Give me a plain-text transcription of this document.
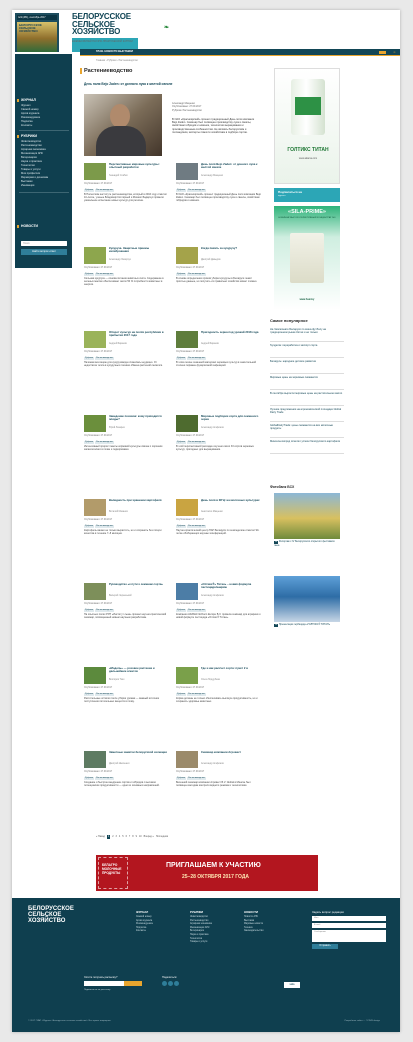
№9 (281), сентябрь 2017
БЕЛОРУССКОЕ СЕЛЬСКОЕ ХОЗЯЙСТВО
БЕЛОРУССКОЕ
СЕЛЬСКОЕ
ХОЗЯЙСТВО	❧
ЕЖЕМЕСЯЧНЫЙ НАУЧНО-ПРАКТИЧЕСКИЙ ЖУРНАЛ
ГЛАВ. НОВОСТИ ВЫСТАВКИ	☺
ЖУРНАЛ
Журнал
Свежий номер
Архив журнала
Рекомендуемое
Подписка
Контакты
РУБРИКИ
Животноводство
Растениеводство
Аграрная экономика
Механизация АПК
Ветеринария
Наука и практика
Технологии
Товары и услуги
Моя профессия
Фермерам и дачникам
Выставки
Инновации
НОВОСТИ
Поиск
Найти вопрос-ответ
Главная › Рубрики › Растениеводство
Растениеводство
День поля Bejo Zaden: от донного лука к желтой свекле
Александр Мащенко
Опубликовано: 27.09.2017
Рубрика: Растениеводство
В ОАО «Красноярский» прошел традиционный День поля компании Bejo Zaden. Семинар был посвящен производству лука и свеклы, свойствам гибридов и новинок, технологии выращивания и производственным особенностям. Не являясь белорусским и голландским, эксперты помогли хозяйствам в подборе сортов.
Перспективные мировые культуры: опытный разработки
Геннадий Слабко
Опубликовано: 27.09.2017
Рубрика Растениеводство
В Полесском институте растениеводства, который в 2016 году отметил 10-летие, ученые Владимир Котлярный и Михаил Бадарчук провели уникальное испытание новых культур для региона.
День поля Bejo Zaden: от донного лука к желтой свекле
Александр Мащенко
Опубликовано: 27.09.2017
Рубрика Растениеводство
В ОАО «Красноярский» прошел традиционный День поля компании Bejo Zaden. Семинар был посвящен производству лука и свеклы, свойствам гибридов и новинок.
Кукуруза. Защитные приемы калибрования
Александр Лазарчук
Опубликовано: 27.09.2017
Рубрика Растениеводство
Сильная кукуруза — основа питания животных скота. Содержание в зеленых массах обеспечивает около 50 % потребности животных в энергии.
Когда пахать за кукурузу?
Дмитрий Давыдов
Опубликовано: 27.09.2017
Рубрика Растениеводство
В основе определения сроков уборки кукурузы в Беларуси лежит простые данные, но получить их правильно хозяйство может сложно.
Оборот культур на полях республики в прибытия 2017 года
Андрей Баранов
Опубликовано: 27.09.2017
Рубрика Растениеводство
Начиная вегетацию для кукурузовода сложилась неудачно. От недостатка тепла в кукурузных посевах обмена растений снизился.
Пригодность зерна под урожай 2018 года
Андрей Баранов
Опубликовано: 27.09.2017
Рубрика Растениеводство
В этом сезоне семенной материал зерновых культур в значительной степени поражен фузариозной инфекцией.
Заведение посевов: кому приходится эпиды?
Юрий Лазарев
Опубликовано: 27.09.2017
Рубрика Растениеводство
Интенсивный прирост массы кормовой культуры связан с хорошим запасом влаги в почве и подкормками.
Мировые подборки сорта для семенного зерна
Александр Агафонов
Опубликовано: 27.09.2017
Рубрика Растениеводство
В этой перспективной рассадке изучено около 33 сортов зерновых культур, пригодных для выращивания.
Валидность при хранении картофеля
Виталий Мазаник
Опубликовано: 27.09.2017
Рубрика Растениеводство
Картофель важно не только вырастить, но и сохранить без потери качества в течение 7–8 месяцев.
День поля в ФГЦ: на молочных культурах
Анастасия Мащенко
Опубликовано: 27.09.2017
Рубрика Растениеводство
Научно-практический центр НАН Беларуси по земледелию отметил 90-летие обобщающих научных конференций.
Руководство «к пути к семенам сорта»
Валерий Черненький
Опубликовано: 27.09.2017
Рубрика Растениеводство
На опытных полях РУП «Институт льна» прошел научно-практический семинар, посвященный новым научным разработкам.
«Оптикс®» Титан» – новая формула пестицида Бакрёш
Александр Агафонов
Опубликовано: 27.09.2017
Рубрика Растениеводство
Компания ADAMA Northern Europe B.V. провела семинар для аграриев о новой формуле пестицида «Оптикс® Титан».
«Модель» — розовое растение и дальнейшие агентов
Виктория Ткач
Опубликовано: 27.09.2017
Рубрика Растениеводство
Растительные остатки после уборки урожая — важный источник поступления питательных веществ в почву.
Где и как рассчет сорта: пункт 2 в
Ольга Поддубная
Опубликовано: 27.09.2017
Рубрика Растениеводство
Корма должны не только обеспечивать высокую продуктивность, но и сохранять здоровье животных.
Заметные заметки белорусской селекции
Дмитрий Шевченко
Опубликовано: 27.09.2017
Рубрика Растениеводство
Создание и быстрое внедрение сортов и гибридов с высоким потенциалом продуктивности — одно из основных направлений.
Семинар компании Агровест
Александр Агафонов
Опубликовано: 27.09.2017
Рубрика Растениеводство
Весенний семинар компании Агровест В.V. Global в Минске был посвящен методам контроля водного режима и технологиям.
« Назад 1 2 3 4 5 6 7 8 9 10 Вперед » Последняя
БЕЛАГРО
МОЛОЧНЫЕ
ПРОДУКТЫ
ПРИГЛАШАЕМ К УЧАСТИЮ
25–28 ОКТЯБРЯ 2017 ГОДА
ГОЛТИКС ТИТАН
www.adama.com
Подписаться на
журнал
«SILA-PRIME»
НОВИНКА! ВЫСОКОСЕЛЕКТИВНЫЙ КОНЦЕНТРАТ №1
www.fsun.by
Самое популярное
На Чемпионате Беларуси по мини-футболу на традиционном рынке Китая и не только
Syngenta: переработка и экспорт сорта
Беларусь: народное детское развитие
Мировые цены на зерновые снижаются
В сентябре выросли мировые цены на растительное масло
Лучшие предложения на агрономической площадке Global Dairy Trade
GlobalDairyTrade: цены снижаются на все молочные продукты
Минсельхозпрод отметил успехи белорусского картофеля
Фотобанк БСХ
24 Репортаж с IV Белорусского открытого фестиваля льна
18 Презентация гербицида «ГОЛТИКС® ТИТАН»
БЕЛОРУССКОЕ
СЕЛЬСКОЕ
ХОЗЯЙСТВО
ЖУРНАЛ
Свежий номер
Архив журнала
Рекомендуемое
Подписка
Контакты
РУБРИКИ
Животноводство
Растениеводство
Аграрная экономика
Механизация АПК
Ветеринария
Наука и практика
Технологии
Товары и услуги
НОВОСТИ
Новости АПК
Выставки
Мировые новости
Техника
Законодательство
Задать вопрос редакции
Имя
E-mail
Сообщение
Отправить
Хотите получать рассылку?
Подписаться на рассылку
Поделиться:
solo
© 2017 ГУАП «Журнал «Белорусское сельское хозяйство». Все права защищены.	Разработка сайта — ©ONIX design
